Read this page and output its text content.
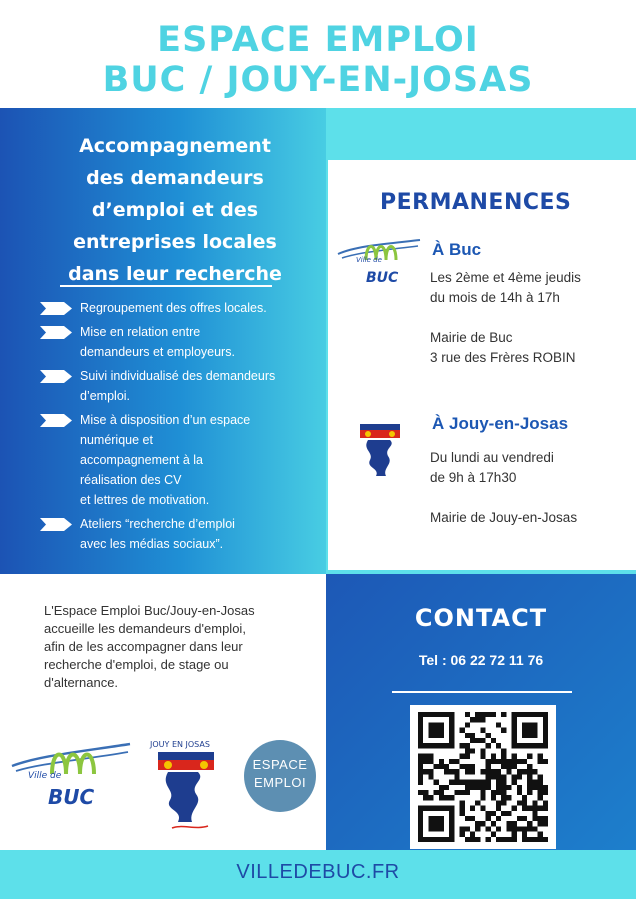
ESPACE EMPLOI
BUC / JOUY-EN-JOSAS
Accompagnement
des demandeurs
d’emploi et des
entreprises locales
dans leur recherche
Regroupement des offres locales.
Mise en relation entre
demandeurs et employeurs.
Suivi individualisé des demandeurs
d’emploi.
Mise à disposition d’un espace
numérique et
accompagnement à la
réalisation des CV
et lettres de motivation.
Ateliers “recherche d’emploi
avec les médias sociaux”.
PERMANENCES
Ville de
BUC
À Buc
Les 2ème et 4ème jeudis
du mois de 14h à 17h
Mairie de Buc
3 rue des Frères ROBIN
À Jouy-en-Josas
Du lundi au vendredi
de 9h à 17h30
Mairie de Jouy-en-Josas
L'Espace Emploi Buc/Jouy-en-Josas
accueille les demandeurs d'emploi,
afin de les accompagner dans leur
recherche d'emploi, de stage ou
d'alternance.
Ville de
BUC
JOUY EN JOSAS
ESPACE
EMPLOI
CONTACT
Tel : 06 22 72 11 76
VILLEDEBUC.FR
